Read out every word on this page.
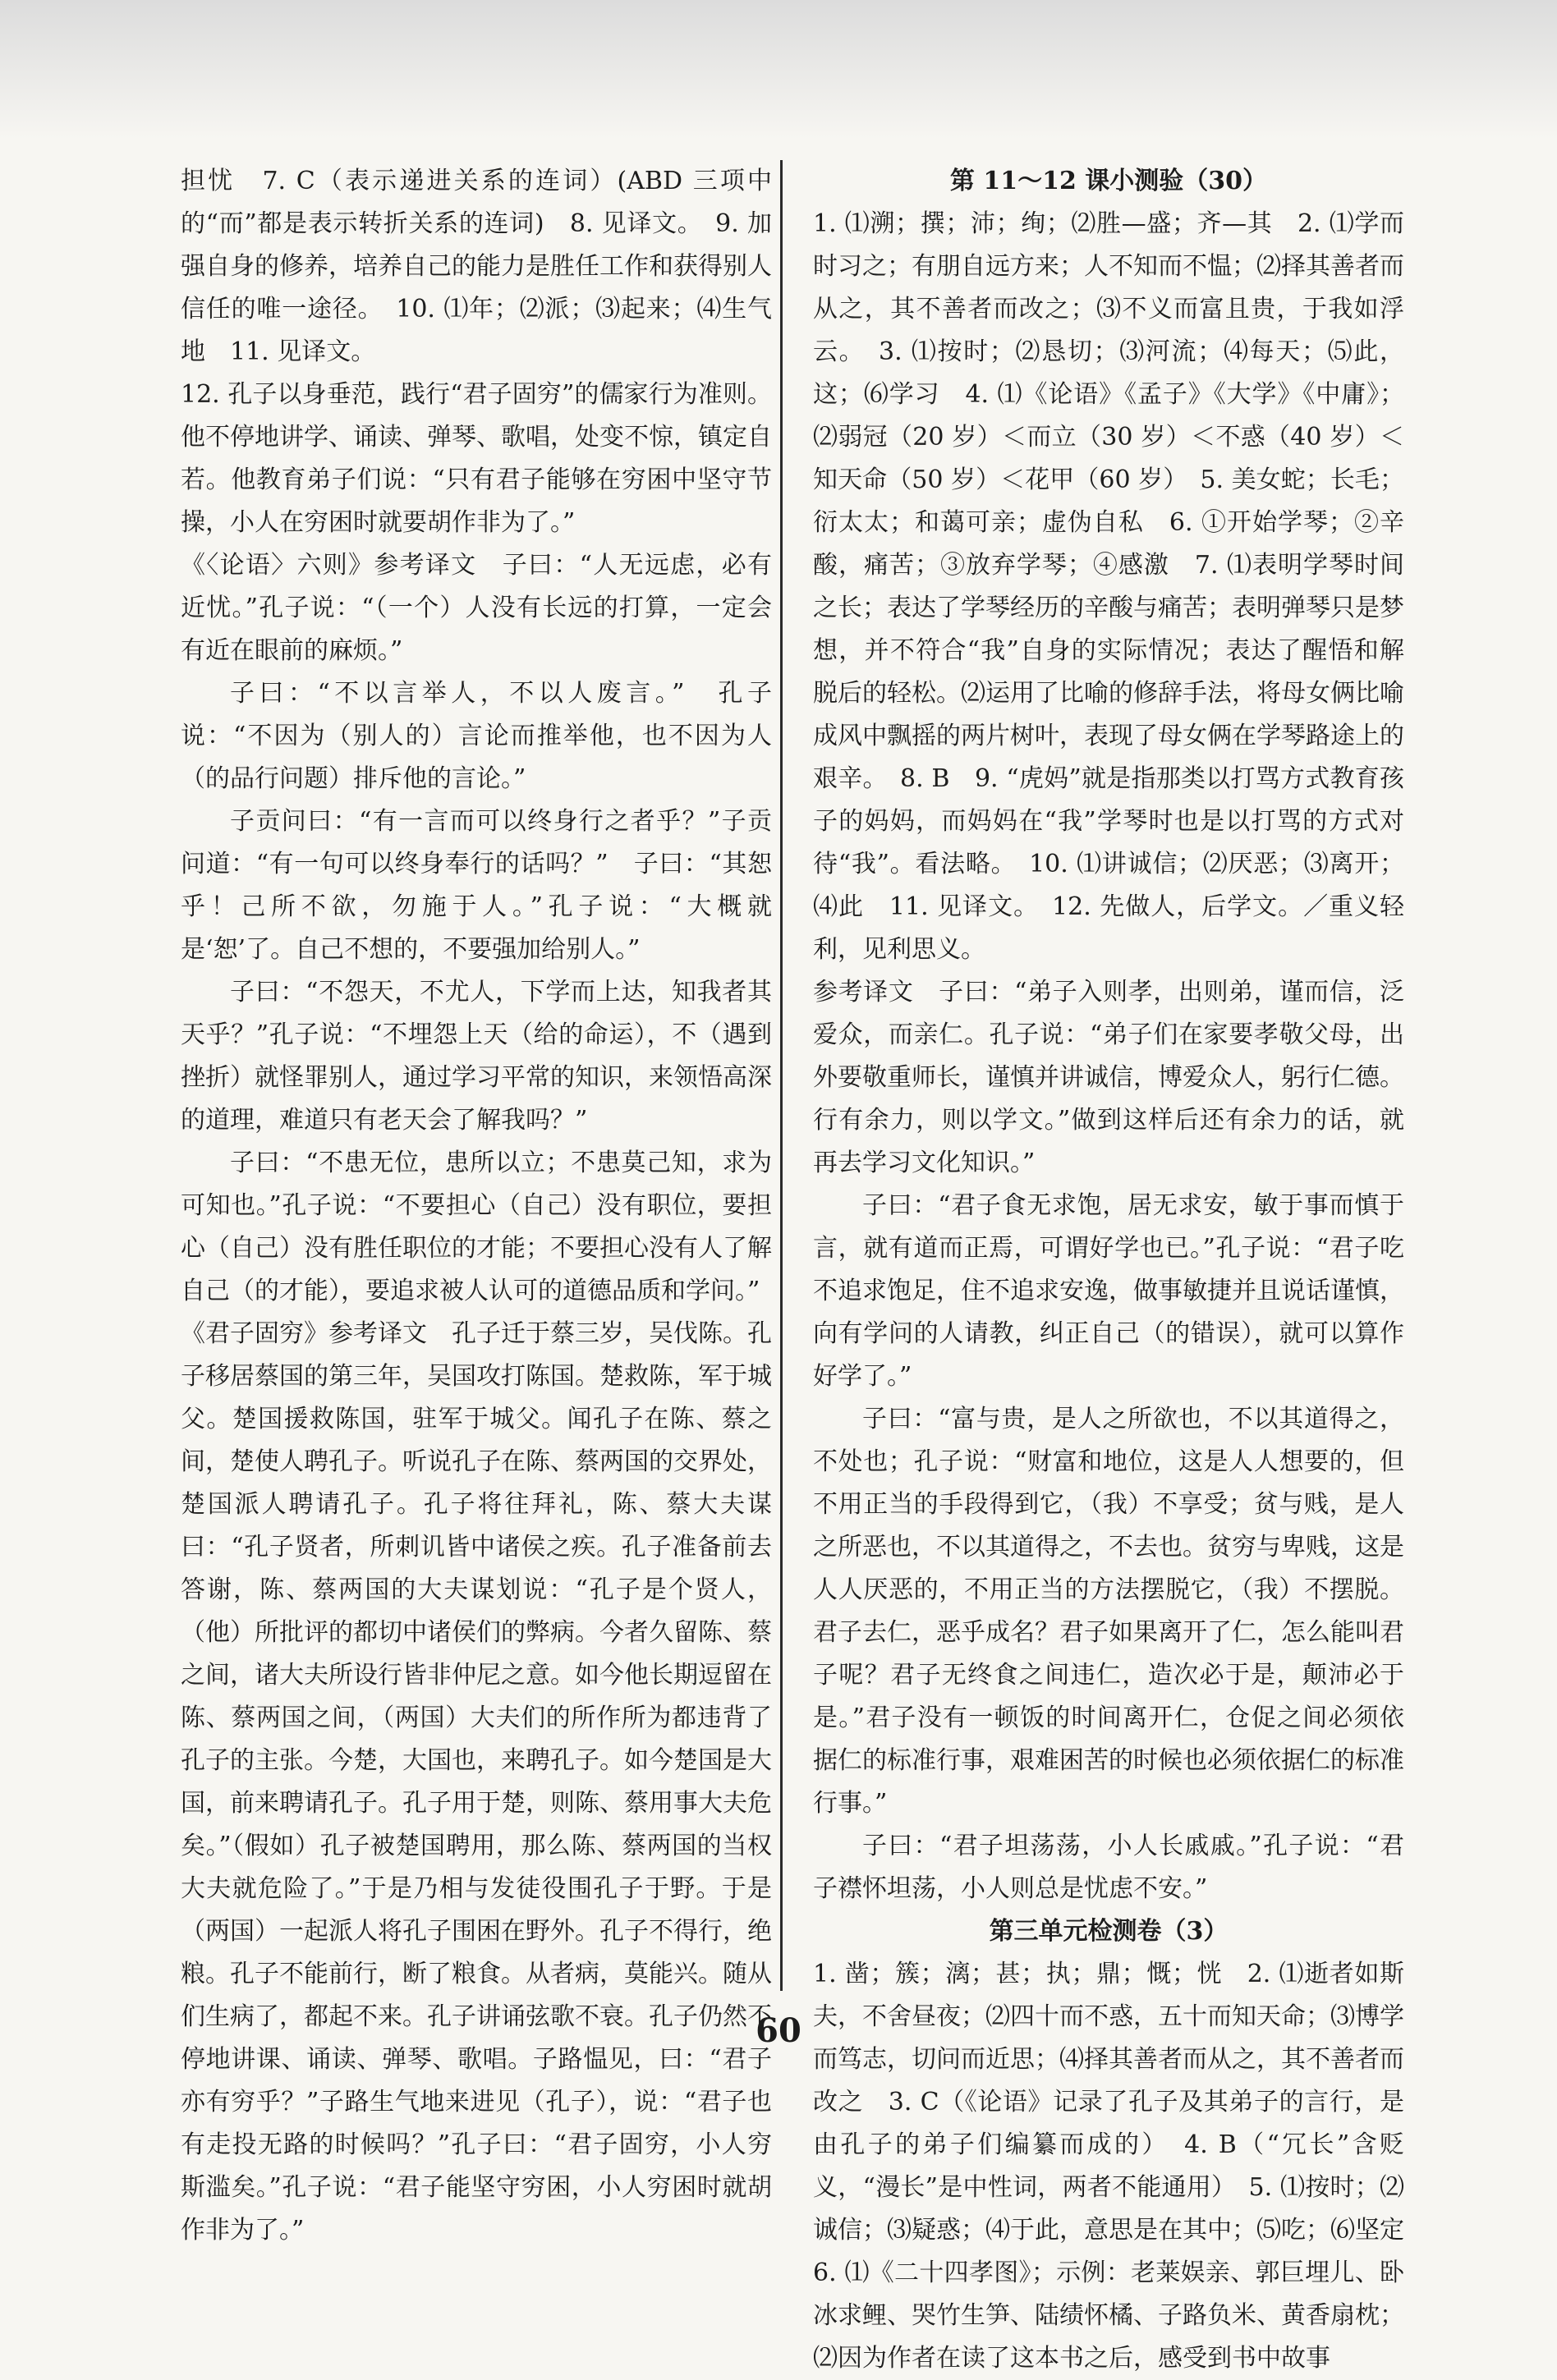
担忧　7. C（表示递进关系的连词）(ABD 三项中的“而”都是表示转折关系的连词)　8. 见译文。　9. 加强自身的修养，培养自己的能力是胜任工作和获得别人信任的唯一途径。　10. ⑴年；⑵派；⑶起来；⑷生气地　11. 见译文。

12. 孔子以身垂范，践行“君子固穷”的儒家行为准则。他不停地讲学、诵读、弹琴、歌唱，处变不惊，镇定自若。他教育弟子们说：“只有君子能够在穷困中坚守节操，小人在穷困时就要胡作非为了。”

《〈论语〉六则》参考译文　子曰：“人无远虑，必有近忧。”孔子说：“（一个）人没有长远的打算，一定会有近在眼前的麻烦。”

子曰：“不以言举人，不以人废言。”　孔子说：“不因为（别人的）言论而推举他，也不因为人（的品行问题）排斥他的言论。”

子贡问曰：“有一言而可以终身行之者乎？”子贡问道：“有一句可以终身奉行的话吗？”　子曰：“其恕乎！己所不欲，勿施于人。”孔子说：“大概就是‘恕’了。自己不想的，不要强加给别人。”

子曰：“不怨天，不尤人，下学而上达，知我者其天乎？”孔子说：“不埋怨上天（给的命运），不（遇到挫折）就怪罪别人，通过学习平常的知识，来领悟高深的道理，难道只有老天会了解我吗？”

子曰：“不患无位，患所以立；不患莫己知，求为可知也。”孔子说：“不要担心（自己）没有职位，要担心（自己）没有胜任职位的才能；不要担心没有人了解自己（的才能），要追求被人认可的道德品质和学问。”

《君子固穷》参考译文　孔子迁于蔡三岁，吴伐陈。孔子移居蔡国的第三年，吴国攻打陈国。楚救陈，军于城父。楚国援救陈国，驻军于城父。闻孔子在陈、蔡之间，楚使人聘孔子。听说孔子在陈、蔡两国的交界处，楚国派人聘请孔子。孔子将往拜礼，陈、蔡大夫谋曰：“孔子贤者，所刺讥皆中诸侯之疾。孔子准备前去答谢，陈、蔡两国的大夫谋划说：“孔子是个贤人，（他）所批评的都切中诸侯们的弊病。今者久留陈、蔡之间，诸大夫所设行皆非仲尼之意。如今他长期逗留在陈、蔡两国之间，（两国）大夫们的所作所为都违背了孔子的主张。今楚，大国也，来聘孔子。如今楚国是大国，前来聘请孔子。孔子用于楚，则陈、蔡用事大夫危矣。”（假如）孔子被楚国聘用，那么陈、蔡两国的当权大夫就危险了。”于是乃相与发徒役围孔子于野。于是（两国）一起派人将孔子围困在野外。孔子不得行，绝粮。孔子不能前行，断了粮食。从者病，莫能兴。随从们生病了，都起不来。孔子讲诵弦歌不衰。孔子仍然不停地讲课、诵读、弹琴、歌唱。子路愠见，曰：“君子亦有穷乎？”子路生气地来进见（孔子），说：“君子也有走投无路的时候吗？”孔子曰：“君子固穷，小人穷斯滥矣。”孔子说：“君子能坚守穷困，小人穷困时就胡作非为了。”

第 11～12 课小测验（30）

1. ⑴溯；撰；沛；绚；⑵胜—盛；齐—其　2. ⑴学而时习之；有朋自远方来；人不知而不愠；⑵择其善者而从之，其不善者而改之；⑶不义而富且贵，于我如浮云。　3. ⑴按时；⑵恳切；⑶河流；⑷每天；⑸此，这；⑹学习　4. ⑴《论语》《孟子》《大学》《中庸》；⑵弱冠（20 岁）＜而立（30 岁）＜不惑（40 岁）＜知天命（50 岁）＜花甲（60 岁）　5. 美女蛇；长毛；衍太太；和蔼可亲；虚伪自私　6. ①开始学琴；②辛酸，痛苦；③放弃学琴；④感激　7. ⑴表明学琴时间之长；表达了学琴经历的辛酸与痛苦；表明弹琴只是梦想，并不符合“我”自身的实际情况；表达了醒悟和解脱后的轻松。⑵运用了比喻的修辞手法，将母女俩比喻成风中飘摇的两片树叶，表现了母女俩在学琴路途上的艰辛。　8. B　9. “虎妈”就是指那类以打骂方式教育孩子的妈妈，而妈妈在“我”学琴时也是以打骂的方式对待“我”。看法略。　10. ⑴讲诚信；⑵厌恶；⑶离开；⑷此　11. 见译文。　12. 先做人，后学文。／重义轻利，见利思义。

参考译文　子曰：“弟子入则孝，出则弟，谨而信，泛爱众，而亲仁。孔子说：“弟子们在家要孝敬父母，出外要敬重师长，谨慎并讲诚信，博爱众人，躬行仁德。行有余力，则以学文。”做到这样后还有余力的话，就再去学习文化知识。”

子曰：“君子食无求饱，居无求安，敏于事而慎于言，就有道而正焉，可谓好学也已。”孔子说：“君子吃不追求饱足，住不追求安逸，做事敏捷并且说话谨慎，向有学问的人请教，纠正自己（的错误），就可以算作好学了。”

子曰：“富与贵，是人之所欲也，不以其道得之，不处也；孔子说：“财富和地位，这是人人想要的，但不用正当的手段得到它，（我）不享受；贫与贱，是人之所恶也，不以其道得之，不去也。贫穷与卑贱，这是人人厌恶的，不用正当的方法摆脱它，（我）不摆脱。君子去仁，恶乎成名？君子如果离开了仁，怎么能叫君子呢？君子无终食之间违仁，造次必于是，颠沛必于是。”君子没有一顿饭的时间离开仁，仓促之间必须依据仁的标准行事，艰难困苦的时候也必须依据仁的标准行事。”

子曰：“君子坦荡荡，小人长戚戚。”孔子说：“君子襟怀坦荡，小人则总是忧虑不安。”

第三单元检测卷（3）

1. 凿；簇；漓；甚；执；鼎；慨；恍　2. ⑴逝者如斯夫，不舍昼夜；⑵四十而不惑，五十而知天命；⑶博学而笃志，切问而近思；⑷择其善者而从之，其不善者而改之　3. C（《论语》记录了孔子及其弟子的言行，是由孔子的弟子们编纂而成的）　4. B（“冗长”含贬义，“漫长”是中性词，两者不能通用）　5. ⑴按时；⑵诚信；⑶疑惑；⑷于此，意思是在其中；⑸吃；⑹坚定　6. ⑴《二十四孝图》；示例：老莱娱亲、郭巨埋儿、卧冰求鲤、哭竹生笋、陆绩怀橘、子路负米、黄香扇枕；⑵因为作者在读了这本书之后，感受到书中故事

60
